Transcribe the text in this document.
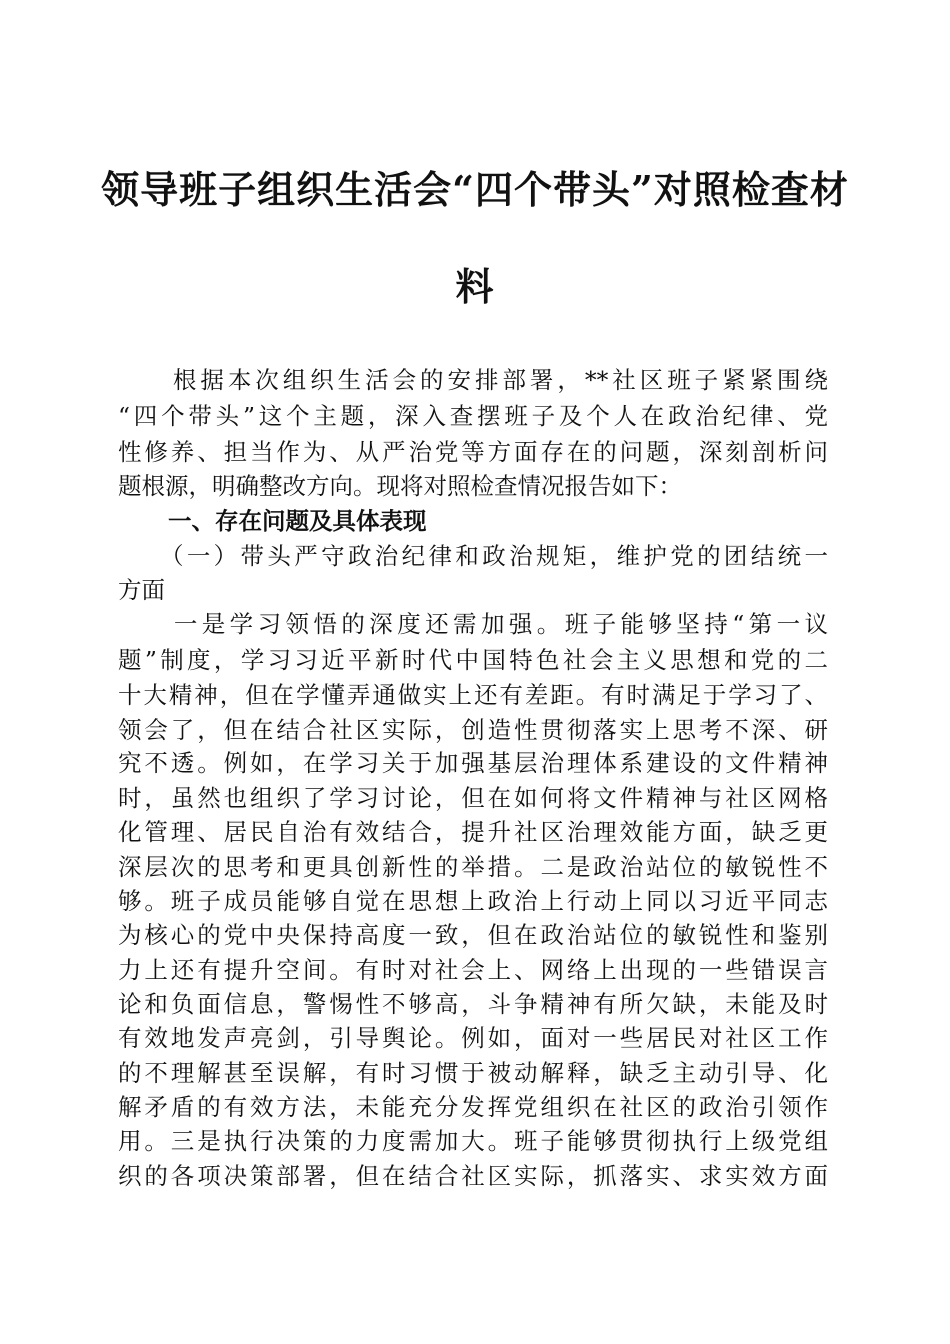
领导班子组织生活会“四个带头”对照检查材
料
　　根据本次组织生活会的安排部署，**社区班子紧紧围绕
“四个带头”这个主题，深入查摆班子及个人在政治纪律、党
性修养、担当作为、从严治党等方面存在的问题，深刻剖析问
题根源，明确整改方向。现将对照检查情况报告如下：
一、存在问题及具体表现
　　（一）带头严守政治纪律和政治规矩，维护党的团结统一
方面
　　一是学习领悟的深度还需加强。班子能够坚持“第一议
题”制度，学习习近平新时代中国特色社会主义思想和党的二
十大精神，但在学懂弄通做实上还有差距。有时满足于学习了、
领会了，但在结合社区实际，创造性贯彻落实上思考不深、研
究不透。例如，在学习关于加强基层治理体系建设的文件精神
时，虽然也组织了学习讨论，但在如何将文件精神与社区网格
化管理、居民自治有效结合，提升社区治理效能方面，缺乏更
深层次的思考和更具创新性的举措。二是政治站位的敏锐性不
够。班子成员能够自觉在思想上政治上行动上同以习近平同志
为核心的党中央保持高度一致，但在政治站位的敏锐性和鉴别
力上还有提升空间。有时对社会上、网络上出现的一些错误言
论和负面信息，警惕性不够高，斗争精神有所欠缺，未能及时
有效地发声亮剑，引导舆论。例如，面对一些居民对社区工作
的不理解甚至误解，有时习惯于被动解释，缺乏主动引导、化
解矛盾的有效方法，未能充分发挥党组织在社区的政治引领作
用。三是执行决策的力度需加大。班子能够贯彻执行上级党组
织的各项决策部署，但在结合社区实际，抓落实、求实效方面
